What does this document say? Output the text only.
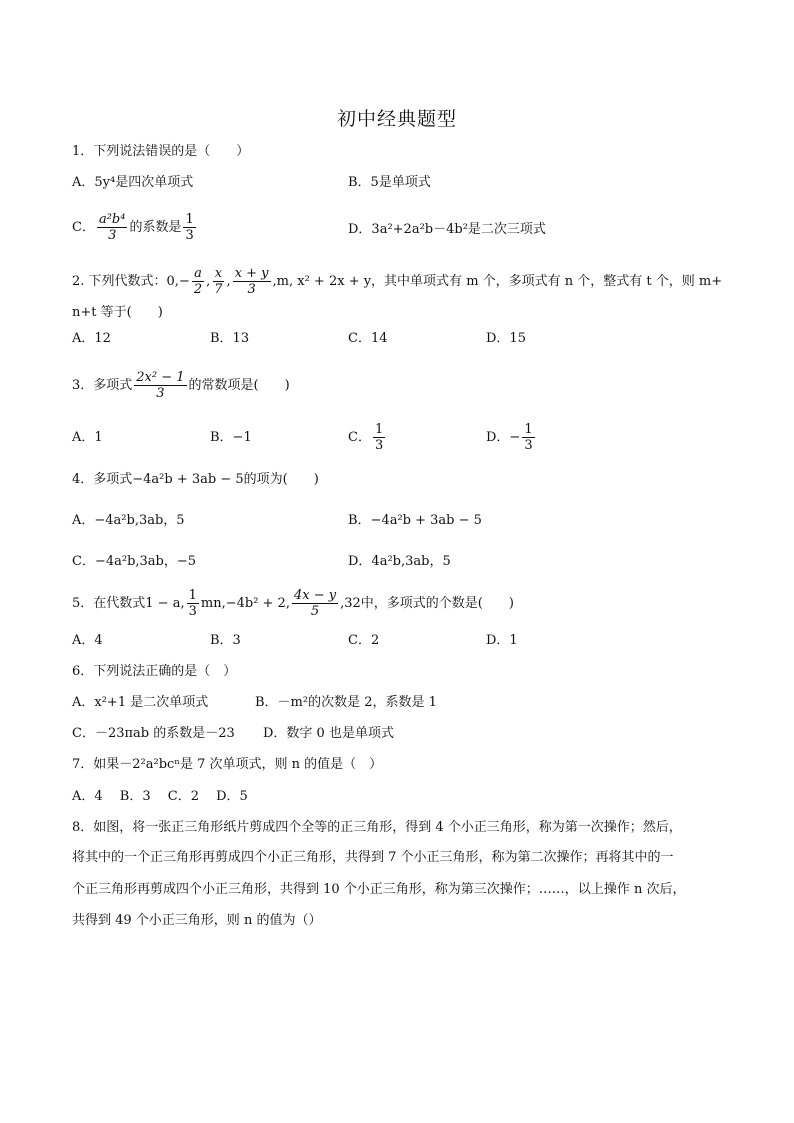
初中经典题型
1．下列说法错误的是（　　）
A．5y⁴是四次单项式	B．5是单项式
C． $\frac{\text{a²b⁴}}{3}$ 的系数是 $\frac{1}{3}$	D．3a²+2a²b－4b²是二次三项式
2. 下列代数式：$0,- \frac{a}{2}$ , $\frac{x}{7}$ , $\frac{x + y}{3} ,m$, x² + 2x + y，其中单项式有 m 个，多项式有 n 个，整式有 t 个，则 m+
n+t 等于(　　)
A．12	B．13	C．14	D．15
3．多项式 $\frac{\text{2x² − 1}}{3}$ 的常数项是(　　)
A．1	B．−1	C． $\frac{1}{3}$	D．− $\frac{1}{3}$
4．多项式−4a²b + 3ab − 5的项为(　　)
A．−4a²b,3ab，5	B．−4a²b + 3ab − 5
C．−4a²b,3ab，−5	D．4a²b,3ab，5
5．在代数式1 − a, $\frac{1}{3} mn,-4b^2 + 2$, $\frac{4x - y}{5} ,32$中，多项式的个数是(　　)
A．4	B．3	C．2	D．1
6．下列说法正确的是（　）
A．x²+1 是二次单项式	B．－m²的次数是 2，系数是 1
C．－23πab 的系数是－23 D．数字 0 也是单项式
7．如果－2²a²bcⁿ是 7 次单项式，则 n 的值是（　）
A．4　 B．3　 C．2　 D．5
8．如图，将一张正三角形纸片剪成四个全等的正三角形，得到 4 个小正三角形，称为第一次操作；然后，
将其中的一个正三角形再剪成四个小正三角形，共得到 7 个小正三角形，称为第二次操作；再将其中的一
个正三角形再剪成四个小正三角形，共得到 10 个小正三角形，称为第三次操作；……，以上操作 n 次后，
共得到 49 个小正三角形，则 n 的值为（）
